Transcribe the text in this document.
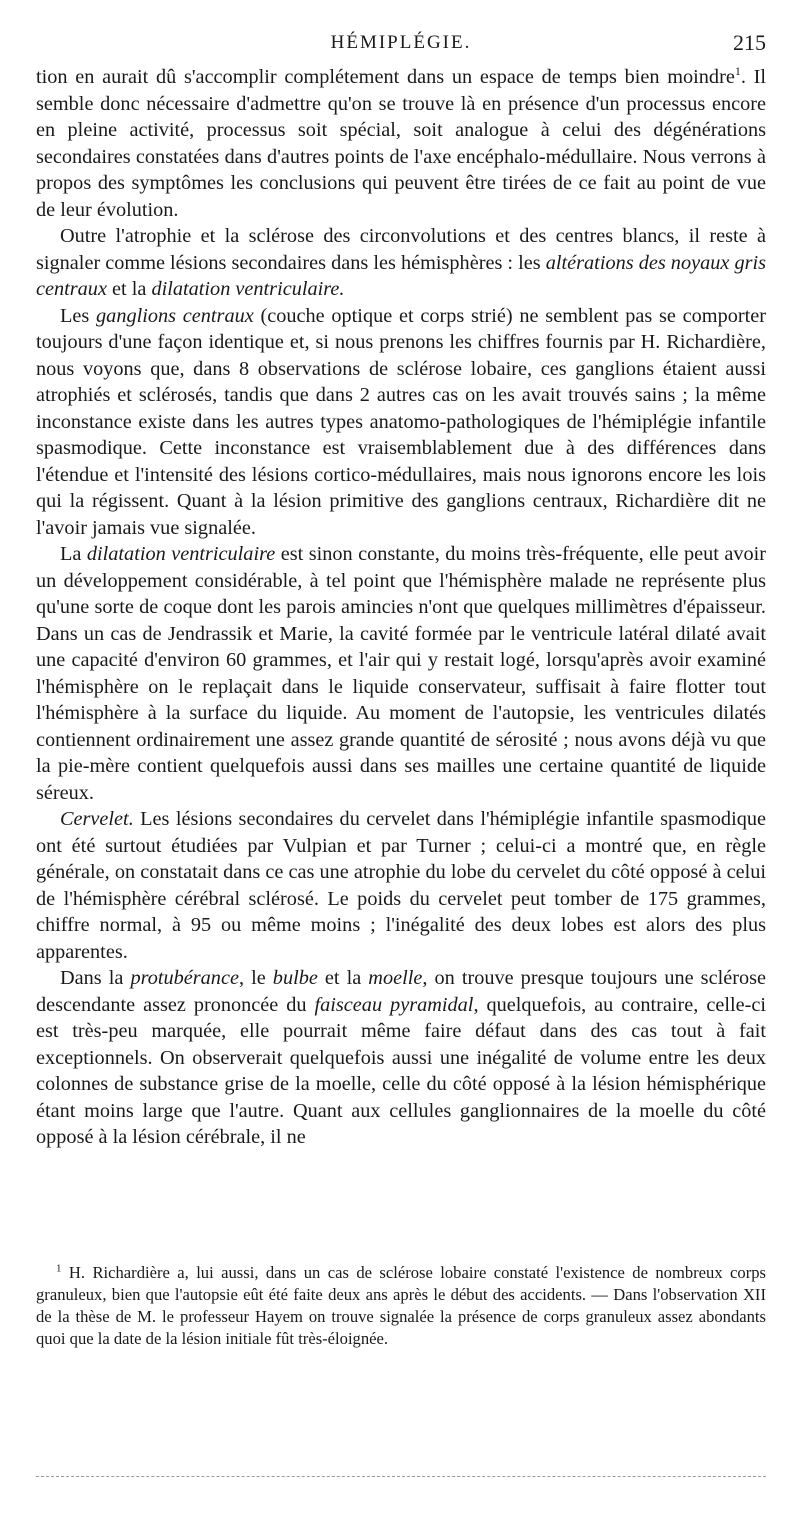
HÉMIPLÉGIE.	215

tion en aurait dû s'accomplir complétement dans un espace de temps bien moindre$^1$. Il semble donc nécessaire d'admettre qu'on se trouve là en présence d'un processus encore en pleine activité, processus soit spécial, soit analogue à celui des dégénérations secondaires constatées dans d'autres points de l'axe encéphalo-médullaire. Nous verrons à propos des symptômes les conclusions qui peuvent être tirées de ce fait au point de vue de leur évolution.

Outre l'atrophie et la sclérose des circonvolutions et des centres blancs, il reste à signaler comme lésions secondaires dans les hémisphères : les altérations des noyaux gris centraux et la dilatation ventriculaire.

Les ganglions centraux (couche optique et corps strié) ne semblent pas se comporter toujours d'une façon identique et, si nous prenons les chiffres fournis par H. Richardière, nous voyons que, dans 8 observations de sclérose lobaire, ces ganglions étaient aussi atrophiés et sclérosés, tandis que dans 2 autres cas on les avait trouvés sains ; la même inconstance existe dans les autres types anatomo-pathologiques de l'hémiplégie infantile spasmodique. Cette inconstance est vraisemblablement due à des différences dans l'étendue et l'intensité des lésions cortico-médullaires, mais nous ignorons encore les lois qui la régissent. Quant à la lésion primitive des ganglions centraux, Richardière dit ne l'avoir jamais vue signalée.

La dilatation ventriculaire est sinon constante, du moins très-fréquente, elle peut avoir un développement considérable, à tel point que l'hémisphère malade ne représente plus qu'une sorte de coque dont les parois amincies n'ont que quelques millimètres d'épaisseur. Dans un cas de Jendrassik et Marie, la cavité formée par le ventricule latéral dilaté avait une capacité d'environ 60 grammes, et l'air qui y restait logé, lorsqu'après avoir examiné l'hémisphère on le replaçait dans le liquide conservateur, suffisait à faire flotter tout l'hémisphère à la surface du liquide. Au moment de l'autopsie, les ventricules dilatés contiennent ordinairement une assez grande quantité de sérosité ; nous avons déjà vu que la pie-mère contient quelquefois aussi dans ses mailles une certaine quantité de liquide séreux.

Cervelet. Les lésions secondaires du cervelet dans l'hémiplégie infantile spasmodique ont été surtout étudiées par Vulpian et par Turner ; celui-ci a montré que, en règle générale, on constatait dans ce cas une atrophie du lobe du cervelet du côté opposé à celui de l'hémisphère cérébral sclérosé. Le poids du cervelet peut tomber de 175 grammes, chiffre normal, à 95 ou même moins ; l'inégalité des deux lobes est alors des plus apparentes.

Dans la protubérance, le bulbe et la moelle, on trouve presque toujours une sclérose descendante assez prononcée du faisceau pyramidal, quelquefois, au contraire, celle-ci est très-peu marquée, elle pourrait même faire défaut dans des cas tout à fait exceptionnels. On observerait quelquefois aussi une inégalité de volume entre les deux colonnes de substance grise de la moelle, celle du côté opposé à la lésion hémisphérique étant moins large que l'autre. Quant aux cellules ganglionnaires de la moelle du côté opposé à la lésion cérébrale, il ne

$^1$ H. Richardière a, lui aussi, dans un cas de sclérose lobaire constaté l'existence de nombreux corps granuleux, bien que l'autopsie eût été faite deux ans après le début des accidents. — Dans l'observation XII de la thèse de M. le professeur Hayem on trouve signalée la présence de corps granuleux assez abondants quoi que la date de la lésion initiale fût très-éloignée.
